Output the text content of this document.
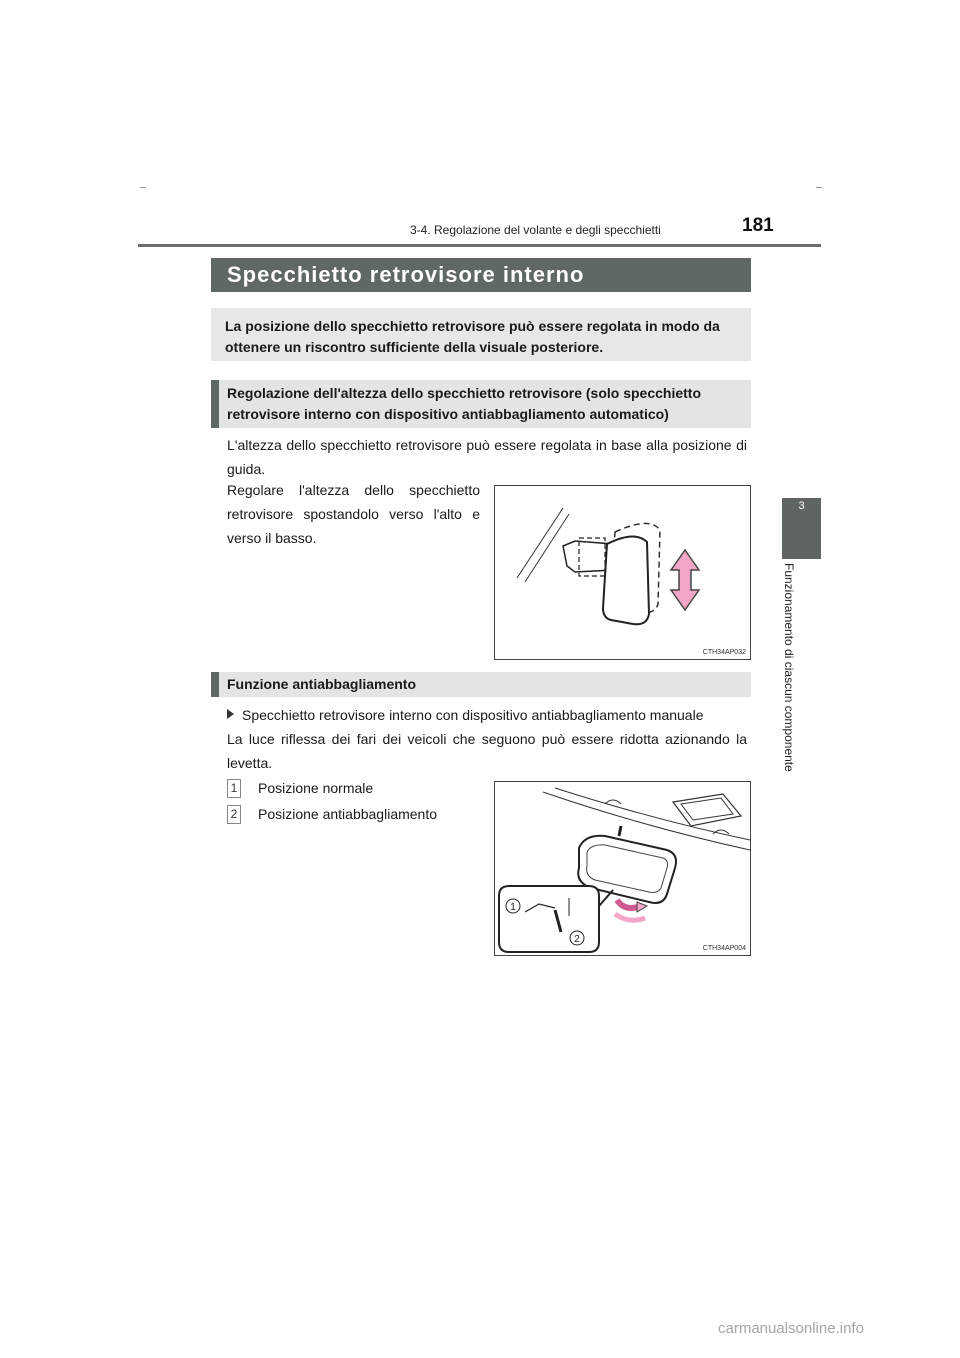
3-4. Regolazione del volante e degli specchietti	181
3
Funzionamento di ciascun componente
Specchietto retrovisore interno
La posizione dello specchietto retrovisore può essere regolata in modo da ottenere un riscontro sufficiente della visuale posteriore.
Regolazione dell'altezza dello specchietto retrovisore (solo specchietto retrovisore interno con dispositivo antiabbagliamento automatico)
L'altezza dello specchietto retrovisore può essere regolata in base alla posizione di guida.
Regolare l'altezza dello specchietto retrovisore spostandolo verso l'alto e verso il basso.
CTH34AP032
Funzione antiabbagliamento
Specchietto retrovisore interno con dispositivo antiabbagliamento manuale
La luce riflessa dei fari dei veicoli che seguono può essere ridotta azionando la levetta.
1 Posizione normale
2 Posizione antiabbagliamento
1
2
CTH34AP004
carmanualsonline.info
